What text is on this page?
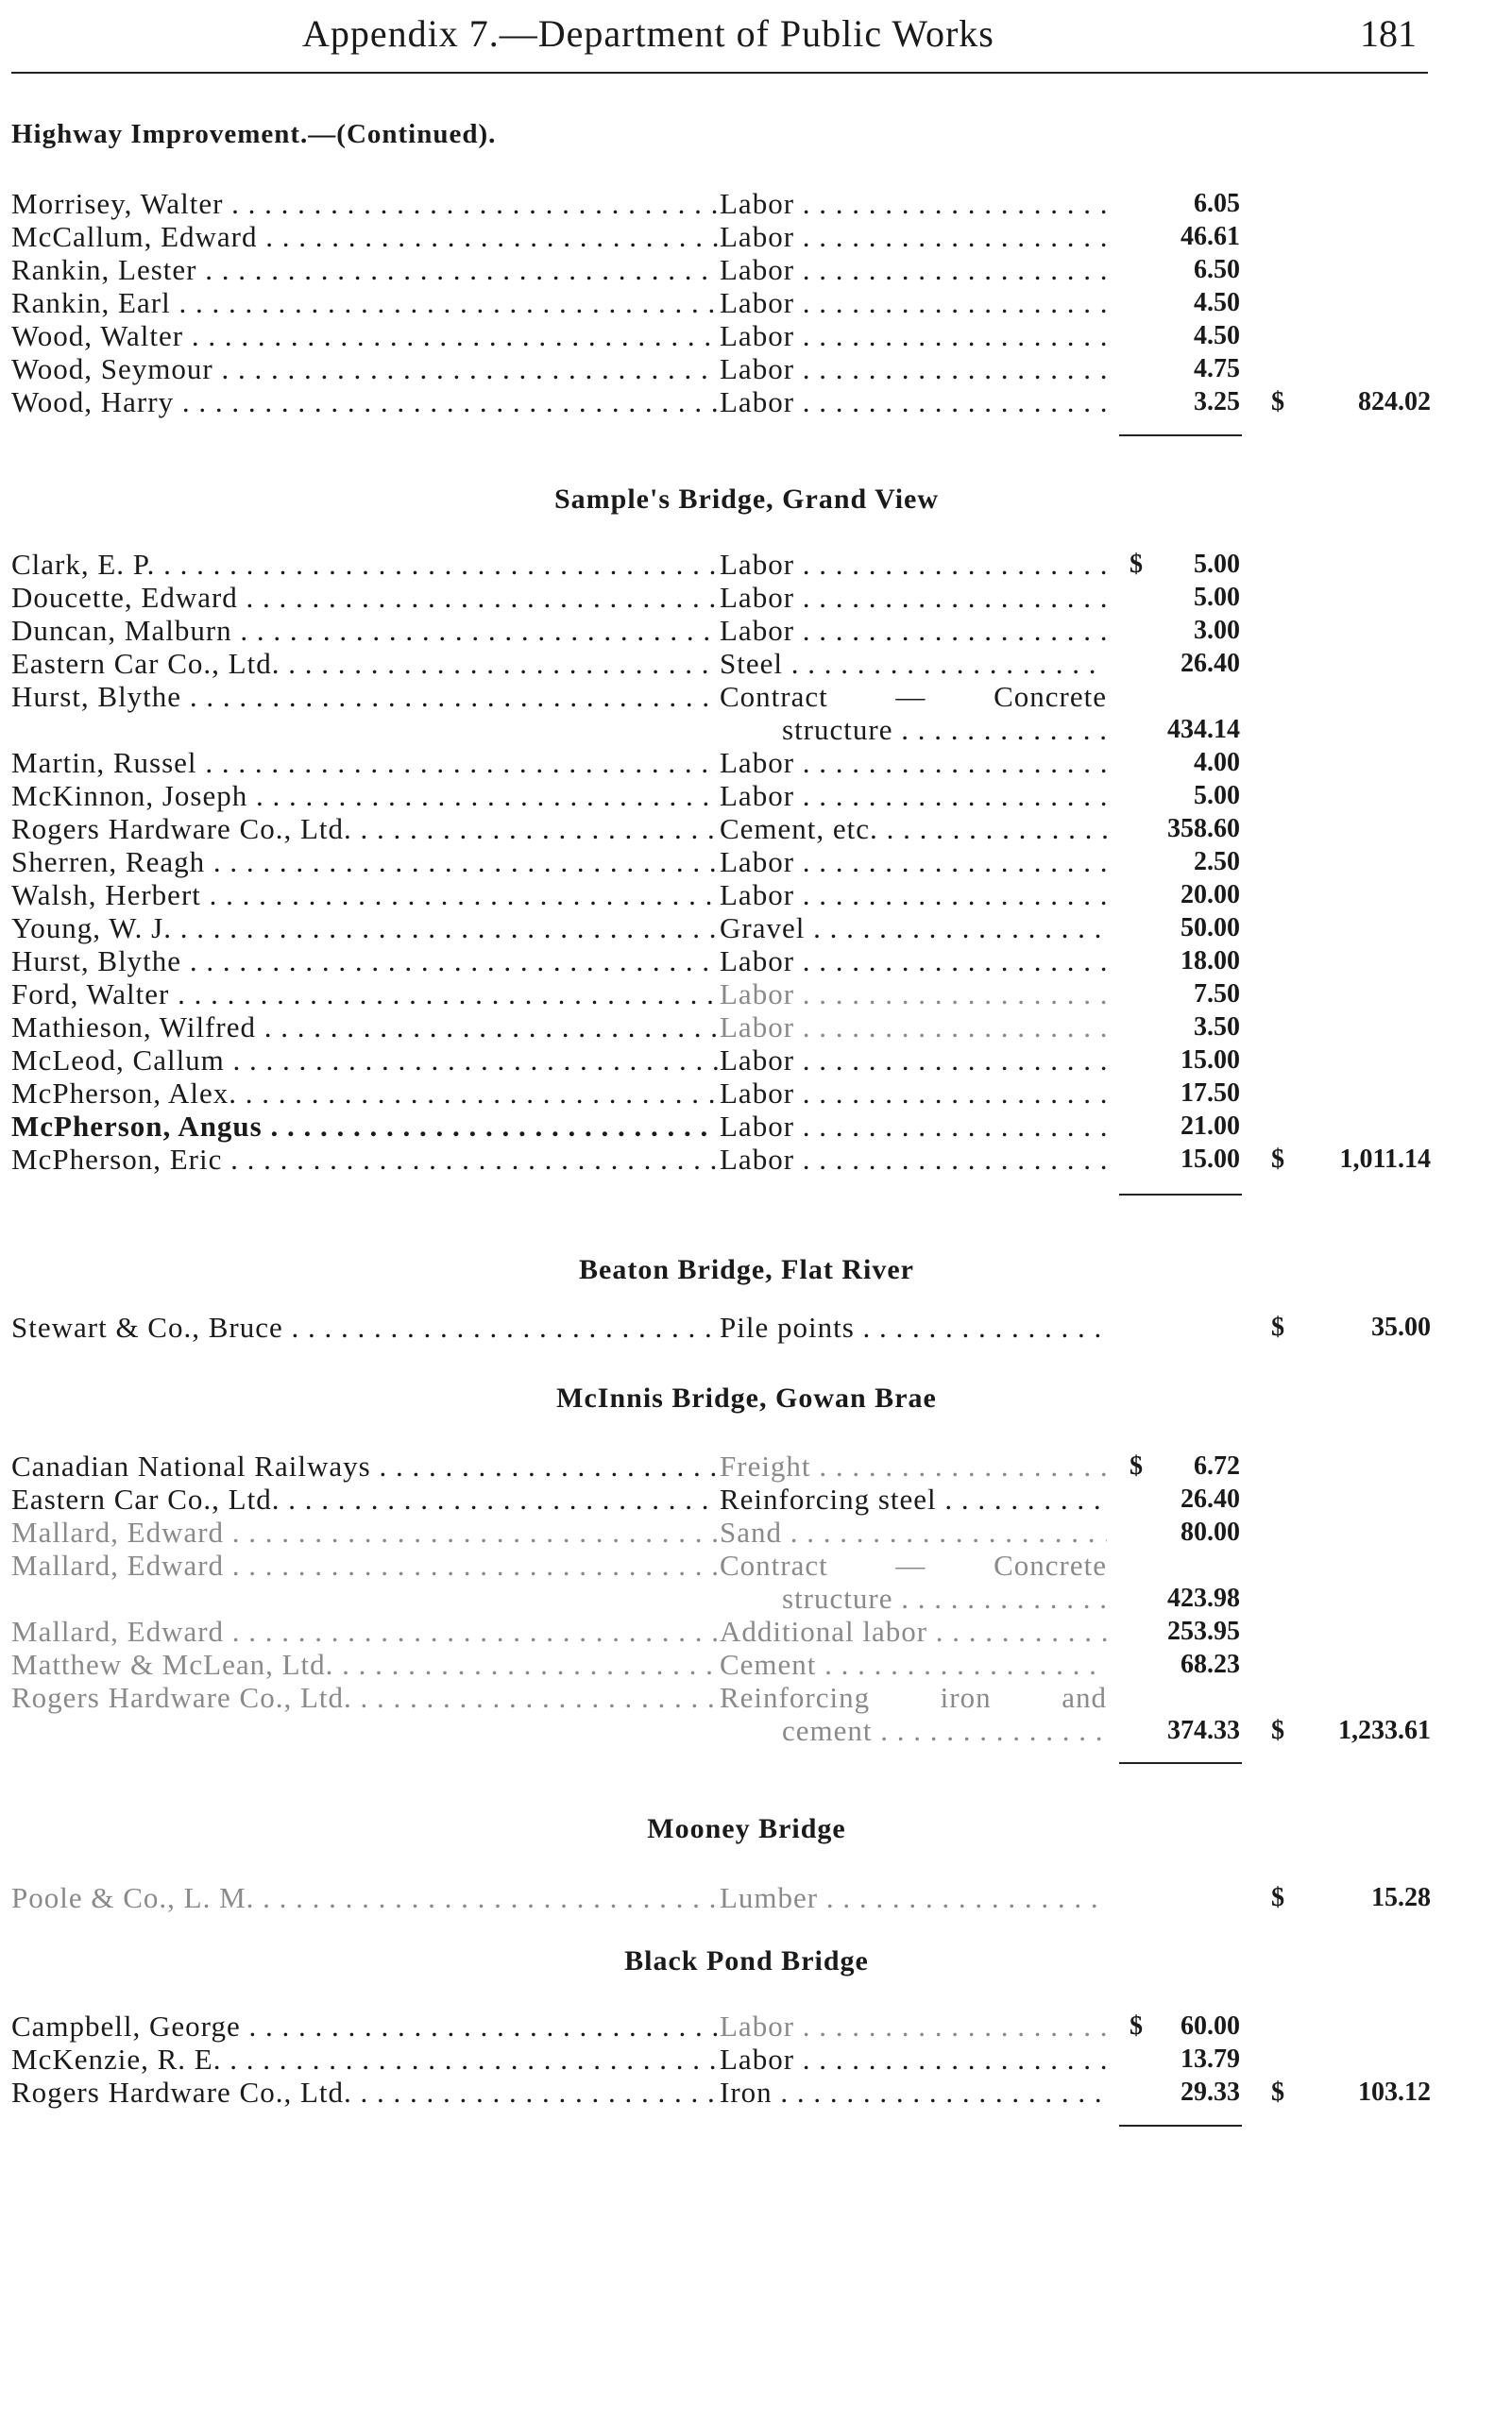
Appendix 7.—Department of Public Works	181
Highway Improvement.—(Continued).
Morrisey, Walter . . .	Labor . . .	6.05
McCallum, Edward . . .	Labor . . .	46.61
Rankin, Lester . . .	Labor . . .	6.50
Rankin, Earl . . .	Labor . . .	4.50
Wood, Walter . . .	Labor . . .	4.50
Wood, Seymour . . .	Labor . . .	4.75
Wood, Harry . . .	Labor . . .	3.25 $	824.02
Sample's Bridge, Grand View
Clark, E. P. . . .	Labor . . .	$ 5.00
Doucette, Edward . . .	Labor . . .	5.00
Duncan, Malburn . . .	Labor . . .	3.00
Eastern Car Co., Ltd. . . .	Steel . . .	26.40
Hurst, Blythe . . .	Contract — Concrete
structure . . .	434.14
Martin, Russel . . .	Labor . . .	4.00
McKinnon, Joseph . . .	Labor . . .	5.00
Rogers Hardware Co., Ltd. . . .	Cement, etc. . . .	358.60
Sherren, Reagh . . .	Labor . . .	2.50
Walsh, Herbert . . .	Labor . . .	20.00
Young, W. J. . . .	Gravel . . .	50.00
Hurst, Blythe . . .	Labor . . .	18.00
Ford, Walter . . .	Labor . . .	7.50
Mathieson, Wilfred . . .	Labor . . .	3.50
McLeod, Callum . . .	Labor . . .	15.00
McPherson, Alex. . . .	Labor . . .	17.50
McPherson, Angus . . .	Labor . . .	21.00
McPherson, Eric . . .	Labor . . .	15.00 $ 1,011.14
Beaton Bridge, Flat River
Stewart & Co., Bruce . . .	Pile points . . .	$	35.00
McInnis Bridge, Gowan Brae
Canadian National Railways . . .	Freight . . .	$ 6.72
Eastern Car Co., Ltd. . . .	Reinforcing steel . . .	26.40
Mallard, Edward . . .	Sand . . .	80.00
Mallard, Edward . . .	Contract — Concrete
structure . . .	423.98
Mallard, Edward . . .	Additional labor . . .	253.95
Matthew & McLean, Ltd. . . .	Cement . . .	68.23
Rogers Hardware Co., Ltd. . . .	Reinforcing iron and
cement . . .	374.33 $ 1,233.61
Mooney Bridge
Poole & Co., L. M. . . .	Lumber . . .	$	15.28
Black Pond Bridge
Campbell, George . . .	Labor . . .	$ 60.00
McKenzie, R. E. . . .	Labor . . .	13.79
Rogers Hardware Co., Ltd. . . .	Iron . . .	29.33 $	103.12
